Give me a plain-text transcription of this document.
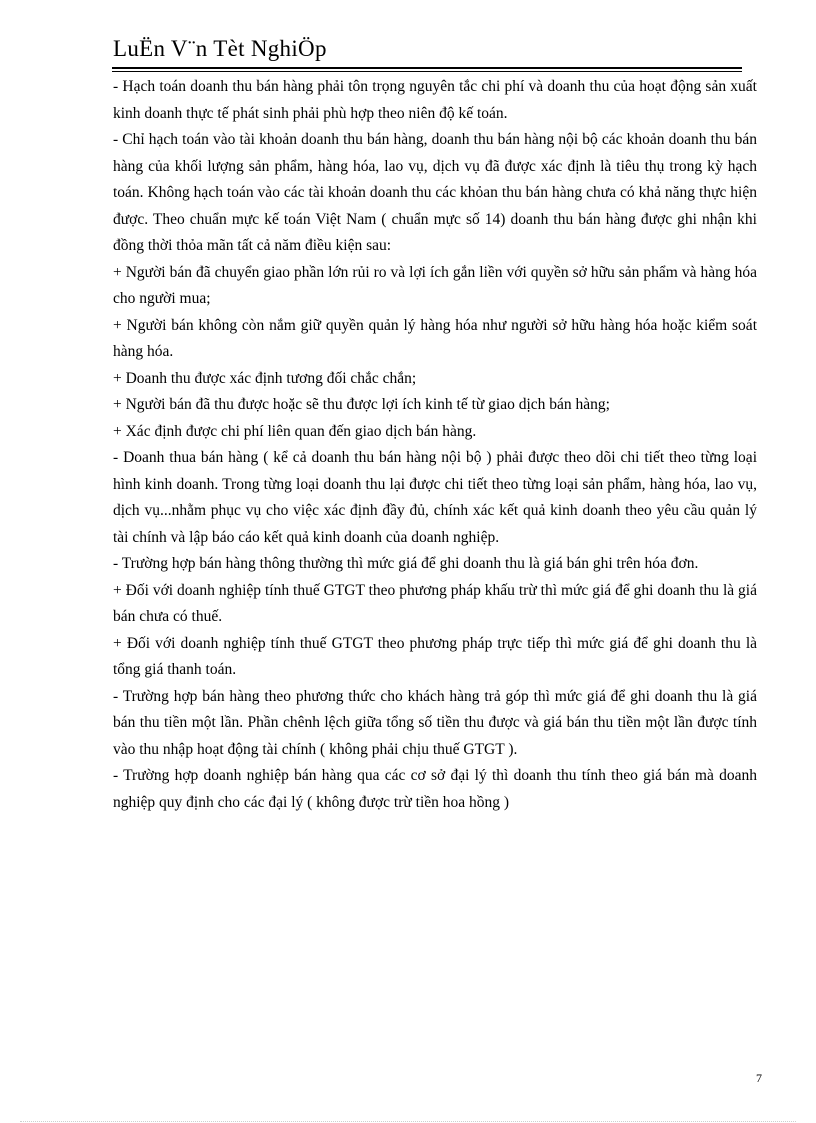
LuËn V¨n Tèt NghiÖp

- Hạch toán doanh thu bán hàng phải tôn trọng nguyên tắc chi phí và doanh thu của hoạt động sản xuất kinh doanh thực tế phát sinh phải phù hợp theo niên độ kế toán.

- Chỉ hạch toán vào tài khoản doanh thu bán hàng, doanh thu bán hàng nội bộ các khoản doanh thu bán hàng của khối lượng sản phẩm, hàng hóa, lao vụ, dịch vụ đã được xác định là tiêu thụ trong kỳ hạch toán. Không hạch toán vào các tài khoản doanh thu các khỏan thu bán hàng chưa có khả năng thực hiện được. Theo chuẩn mực kế toán Việt Nam ( chuẩn mực số 14) doanh thu bán hàng được ghi nhận khi đồng thời thỏa mãn tất cả năm điều kiện sau:

+ Người bán đã chuyển giao phần lớn rủi ro và lợi ích gắn liền với quyền sở hữu sản phẩm và hàng hóa cho người mua;

+ Người bán không còn nắm giữ quyền quản lý hàng hóa như người sở hữu hàng hóa hoặc kiểm soát hàng hóa.

+ Doanh thu được xác định tương đối chắc chắn;

+ Người bán đã thu được hoặc sẽ thu được lợi ích kinh tế từ giao dịch bán hàng;

+ Xác định được chi phí liên quan đến giao dịch bán hàng.

- Doanh thua bán hàng ( kể cả doanh thu bán hàng nội bộ ) phải được theo dõi chi tiết theo từng loại hình kinh doanh. Trong từng loại doanh thu lại được chi tiết theo từng loại sản phẩm, hàng hóa, lao vụ, dịch vụ...nhằm phục vụ cho việc xác định đầy đủ, chính xác kết quả kinh doanh theo yêu cầu quản lý tài chính và lập báo cáo kết quả kinh doanh của doanh nghiệp.

- Trường hợp bán hàng thông thường thì mức giá để ghi doanh thu là giá bán ghi trên hóa đơn.

+ Đối với doanh nghiệp tính thuế GTGT theo phương pháp khấu trừ thì mức giá để ghi doanh thu là giá bán chưa có thuế.

+ Đối với doanh nghiệp tính thuế GTGT theo phương pháp trực tiếp thì mức giá để ghi doanh thu là tổng giá thanh toán.

- Trường hợp bán hàng theo phương thức cho khách hàng trả góp thì mức giá để ghi doanh thu là giá bán thu tiền một lần. Phần chênh lệch giữa tổng số tiền thu được và giá bán thu tiền một lần được tính vào thu nhập hoạt động tài chính ( không phải chịu thuế GTGT ).

- Trường hợp doanh nghiệp bán hàng qua các cơ sở đại lý thì doanh thu tính theo giá bán mà doanh nghiệp quy định cho các đại lý ( không được trừ tiền hoa hồng )

7
